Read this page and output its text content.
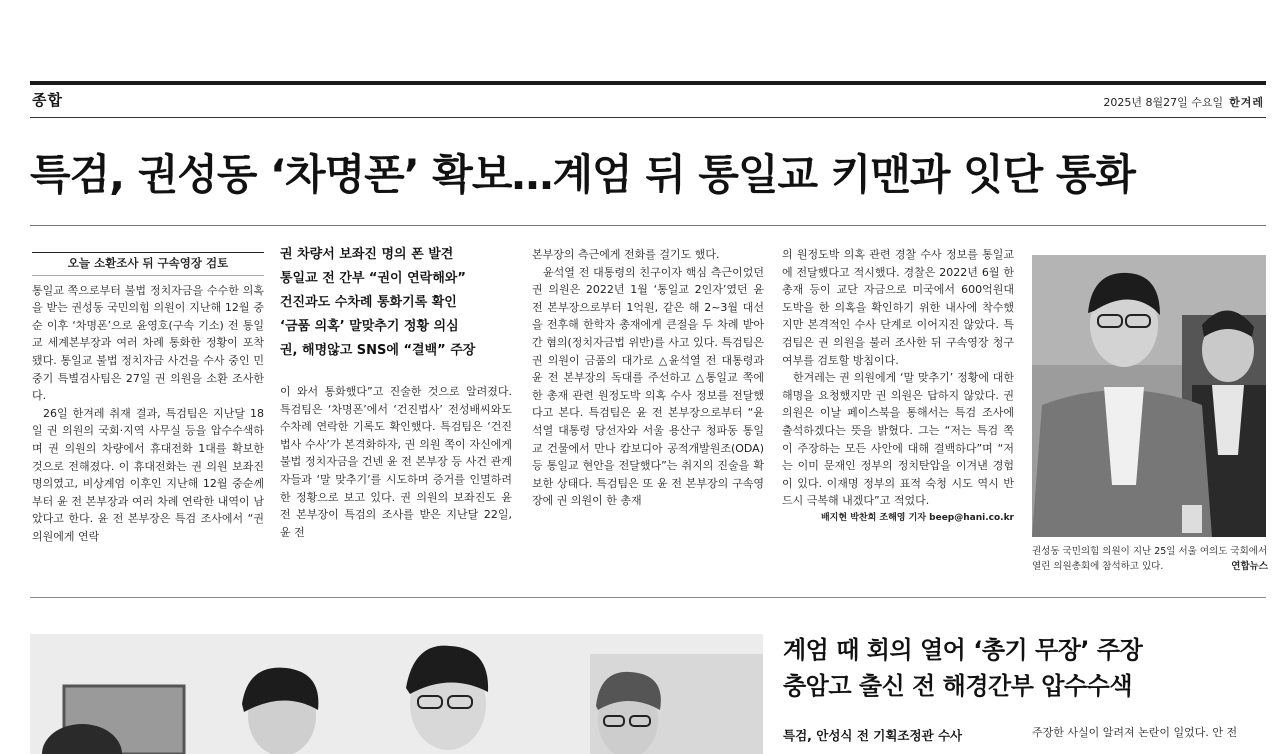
종합	2025년 8월27일 수요일 한겨레
특검, 권성동 ‘차명폰’ 확보…계엄 뒤 통일교 키맨과 잇단 통화
오늘 소환조사 뒤 구속영장 검토

통일교 쪽으로부터 불법 정치자금을 수수한 의혹을 받는 권성동 국민의힘 의원이 지난해 12월 중순 이후 ‘차명폰’으로 윤영호(구속 기소) 전 통일교 세계본부장과 여러 차례 통화한 정황이 포착됐다. 통일교 불법 정치자금 사건을 수사 중인 민중기 특별검사팀은 27일 권 의원을 소환 조사한다.

26일 한겨레 취재 결과, 특검팀은 지난달 18일 권 의원의 국회·지역 사무실 등을 압수수색하며 권 의원의 차량에서 휴대전화 1대를 확보한 것으로 전해졌다. 이 휴대전화는 권 의원 보좌진 명의였고, 비상계엄 이후인 지난해 12월 중순께부터 윤 전 본부장과 여러 차례 연락한 내역이 남았다고 한다. 윤 전 본부장은 특검 조사에서 “권 의원에게 연락

권 차량서 보좌진 명의 폰 발견
통일교 전 간부 “권이 연락해와”
건진과도 수차례 통화기록 확인
‘금품 의혹’ 말맞추기 정황 의심
권, 해명않고 SNS에 “결백” 주장

이 와서 통화했다”고 진술한 것으로 알려졌다. 특검팀은 ‘차명폰’에서 ‘건진법사’ 전성배씨와도 수차례 연락한 기록도 확인했다. 특검팀은 ‘건진법사 수사’가 본격화하자, 권 의원 쪽이 자신에게 불법 정치자금을 건넨 윤 전 본부장 등 사건 관계자들과 ‘말 맞추기’를 시도하며 증거를 인멸하려 한 정황으로 보고 있다. 권 의원의 보좌진도 윤 전 본부장이 특검의 조사를 받은 지난달 22일, 윤 전

본부장의 측근에게 전화를 걸기도 했다.

윤석열 전 대통령의 친구이자 핵심 측근이었던 권 의원은 2022년 1월 ‘통일교 2인자’였던 윤 전 본부장으로부터 1억원, 같은 해 2~3월 대선을 전후해 한학자 총재에게 큰절을 두 차례 받아 간 혐의(정치자금법 위반)를 사고 있다. 특검팀은 권 의원이 금품의 대가로 △윤석열 전 대통령과 윤 전 본부장의 독대를 주선하고 △통일교 쪽에 한 총재 관련 원정도박 의혹 수사 정보를 전달했다고 본다. 특검팀은 윤 전 본부장으로부터 “윤석열 대통령 당선자와 서울 용산구 청파동 통일교 건물에서 만나 캄보디아 공적개발원조(ODA) 등 통일교 현안을 전달했다”는 취지의 진술을 확보한 상태다. 특검팀은 또 윤 전 본부장의 구속영장에 권 의원이 한 총재

의 원정도박 의혹 관련 경찰 수사 정보를 통일교에 전달했다고 적시했다. 경찰은 2022년 6월 한 총재 등이 교단 자금으로 미국에서 600억원대 도박을 한 의혹을 확인하기 위한 내사에 착수했지만 본격적인 수사 단계로 이어지진 않았다. 특검팀은 권 의원을 불러 조사한 뒤 구속영장 청구 여부를 검토할 방침이다.

한겨레는 권 의원에게 ‘말 맞추기’ 정황에 대한 해명을 요청했지만 권 의원은 답하지 않았다. 권 의원은 이날 페이스북을 통해서는 특검 조사에 출석하겠다는 뜻을 밝혔다. 그는 “저는 특검 쪽이 주장하는 모든 사안에 대해 결백하다”며 “저는 이미 문재인 정부의 정치탄압을 이겨낸 경험이 있다. 이재명 정부의 표적 숙청 시도 역시 반드시 극복해 내겠다”고 적었다.

배지현 박찬희 조해영 기자 beep@hani.co.kr
권성동 국민의힘 의원이 지난 25일 서울 여의도 국회에서 열린 의원총회에 참석하고 있다.	연합뉴스
계엄 때 회의 열어 ‘총기 무장’ 주장
충암고 출신 전 해경간부 압수수색
특검, 안성식 전 기획조정관 수사	주장한 사실이 알려져 논란이 일었다. 안 전
